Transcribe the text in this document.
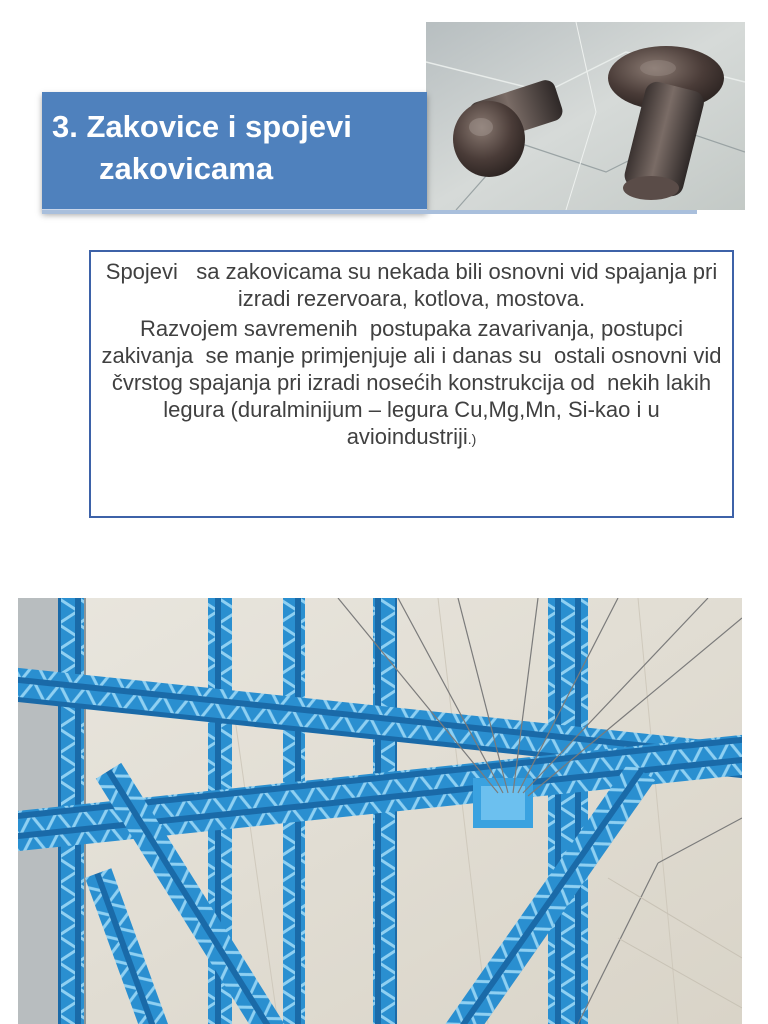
3. Zakovice i spojevi
zakovicama

Spojevi   sa zakovicama su nekada bili osnovni vid spajanja pri izradi rezervoara, kotlova, mostova.

Razvojem savremenih  postupaka zavarivanja, postupci  zakivanja  se manje primjenjuje ali i danas su  ostali osnovni vid čvrstog spajanja pri izradi nosećih konstrukcija od  nekih lakih legura (duralminijum – legura Cu,Mg,Mn, Si-kao i u avioindustriji.)
